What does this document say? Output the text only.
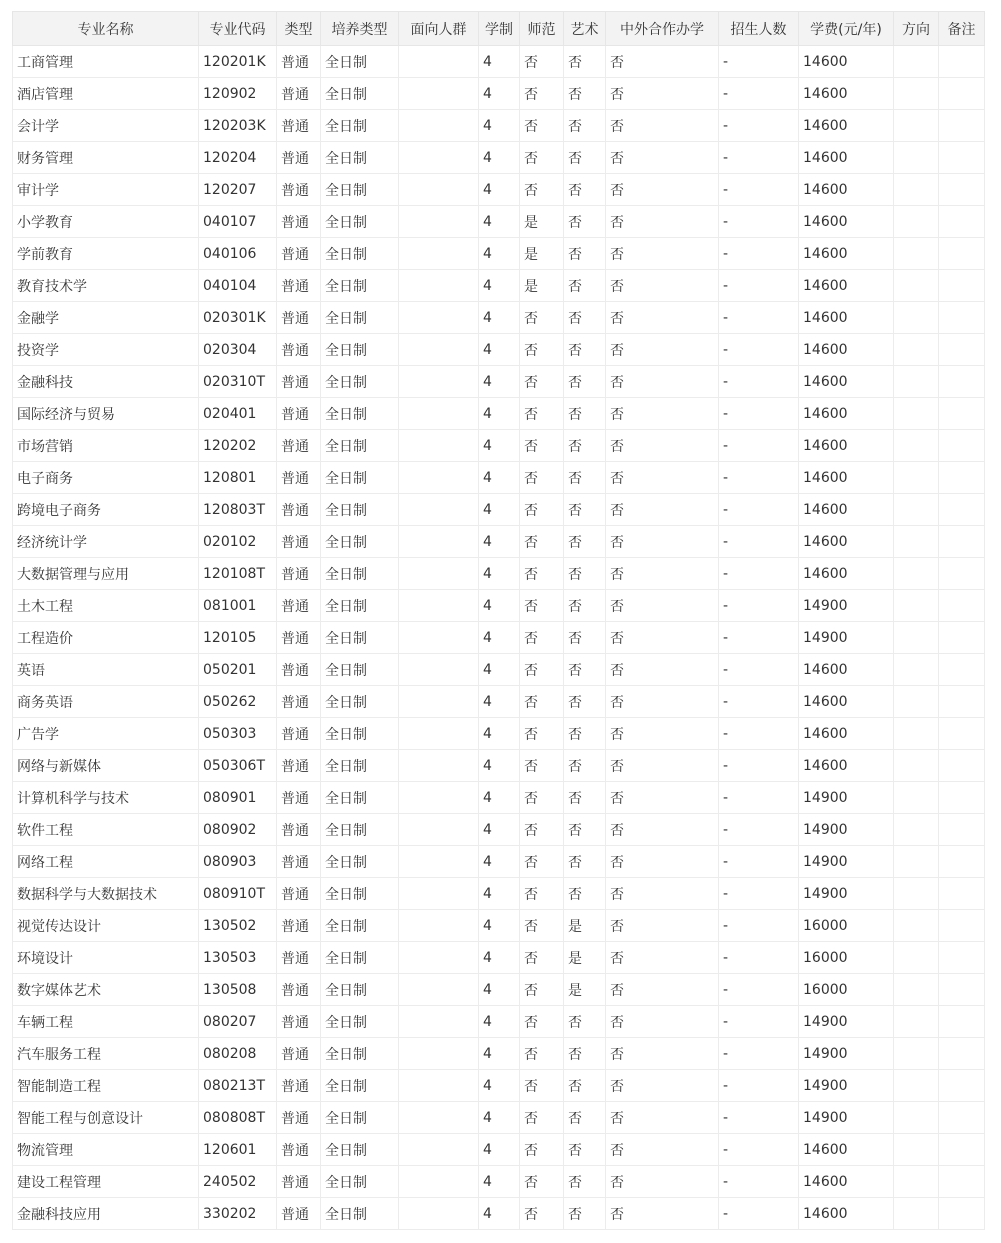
专业名称	专业代码	类型	培养类型	面向人群	学制	师范	艺术	中外合作办学	招生人数	学费(元/年)	方向	备注
工商管理	120201K	普通	全日制		4	否	否	否	-	14600		
酒店管理	120902	普通	全日制		4	否	否	否	-	14600		
会计学	120203K	普通	全日制		4	否	否	否	-	14600		
财务管理	120204	普通	全日制		4	否	否	否	-	14600		
审计学	120207	普通	全日制		4	否	否	否	-	14600		
小学教育	040107	普通	全日制		4	是	否	否	-	14600		
学前教育	040106	普通	全日制		4	是	否	否	-	14600		
教育技术学	040104	普通	全日制		4	是	否	否	-	14600		
金融学	020301K	普通	全日制		4	否	否	否	-	14600		
投资学	020304	普通	全日制		4	否	否	否	-	14600		
金融科技	020310T	普通	全日制		4	否	否	否	-	14600		
国际经济与贸易	020401	普通	全日制		4	否	否	否	-	14600		
市场营销	120202	普通	全日制		4	否	否	否	-	14600		
电子商务	120801	普通	全日制		4	否	否	否	-	14600		
跨境电子商务	120803T	普通	全日制		4	否	否	否	-	14600		
经济统计学	020102	普通	全日制		4	否	否	否	-	14600		
大数据管理与应用	120108T	普通	全日制		4	否	否	否	-	14600		
土木工程	081001	普通	全日制		4	否	否	否	-	14900		
工程造价	120105	普通	全日制		4	否	否	否	-	14900		
英语	050201	普通	全日制		4	否	否	否	-	14600		
商务英语	050262	普通	全日制		4	否	否	否	-	14600		
广告学	050303	普通	全日制		4	否	否	否	-	14600		
网络与新媒体	050306T	普通	全日制		4	否	否	否	-	14600		
计算机科学与技术	080901	普通	全日制		4	否	否	否	-	14900		
软件工程	080902	普通	全日制		4	否	否	否	-	14900		
网络工程	080903	普通	全日制		4	否	否	否	-	14900		
数据科学与大数据技术	080910T	普通	全日制		4	否	否	否	-	14900		
视觉传达设计	130502	普通	全日制		4	否	是	否	-	16000		
环境设计	130503	普通	全日制		4	否	是	否	-	16000		
数字媒体艺术	130508	普通	全日制		4	否	是	否	-	16000		
车辆工程	080207	普通	全日制		4	否	否	否	-	14900		
汽车服务工程	080208	普通	全日制		4	否	否	否	-	14900		
智能制造工程	080213T	普通	全日制		4	否	否	否	-	14900		
智能工程与创意设计	080808T	普通	全日制		4	否	否	否	-	14900		
物流管理	120601	普通	全日制		4	否	否	否	-	14600		
建设工程管理	240502	普通	全日制		4	否	否	否	-	14600		
金融科技应用	330202	普通	全日制		4	否	否	否	-	14600		
